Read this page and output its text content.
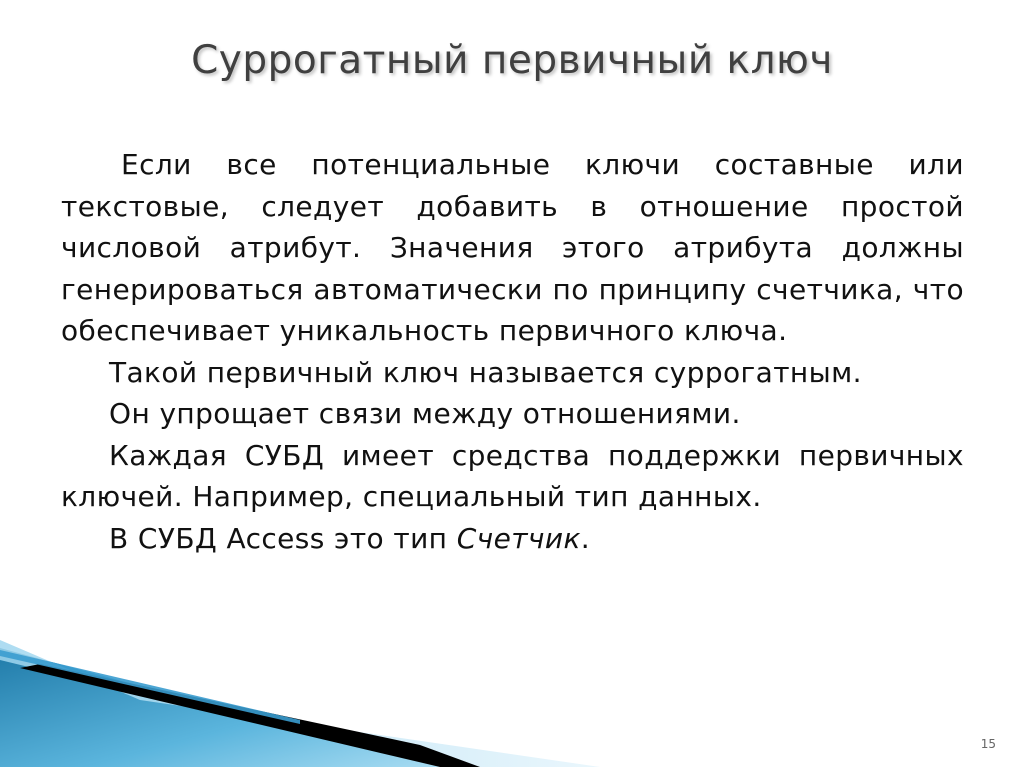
Суррогатный первичный ключ

Если все потенциальные ключи составные или текстовые, следует добавить в отношение простой числовой атрибут. Значения этого атрибута должны генерироваться автоматически по принципу счетчика, что обеспечивает уникальность первичного ключа.

Такой первичный ключ называется суррогатным.

Он упрощает связи между отношениями.

Каждая СУБД имеет средства поддержки первичных ключей. Например, специальный тип данных.

В СУБД Access это тип Счетчик.

15
